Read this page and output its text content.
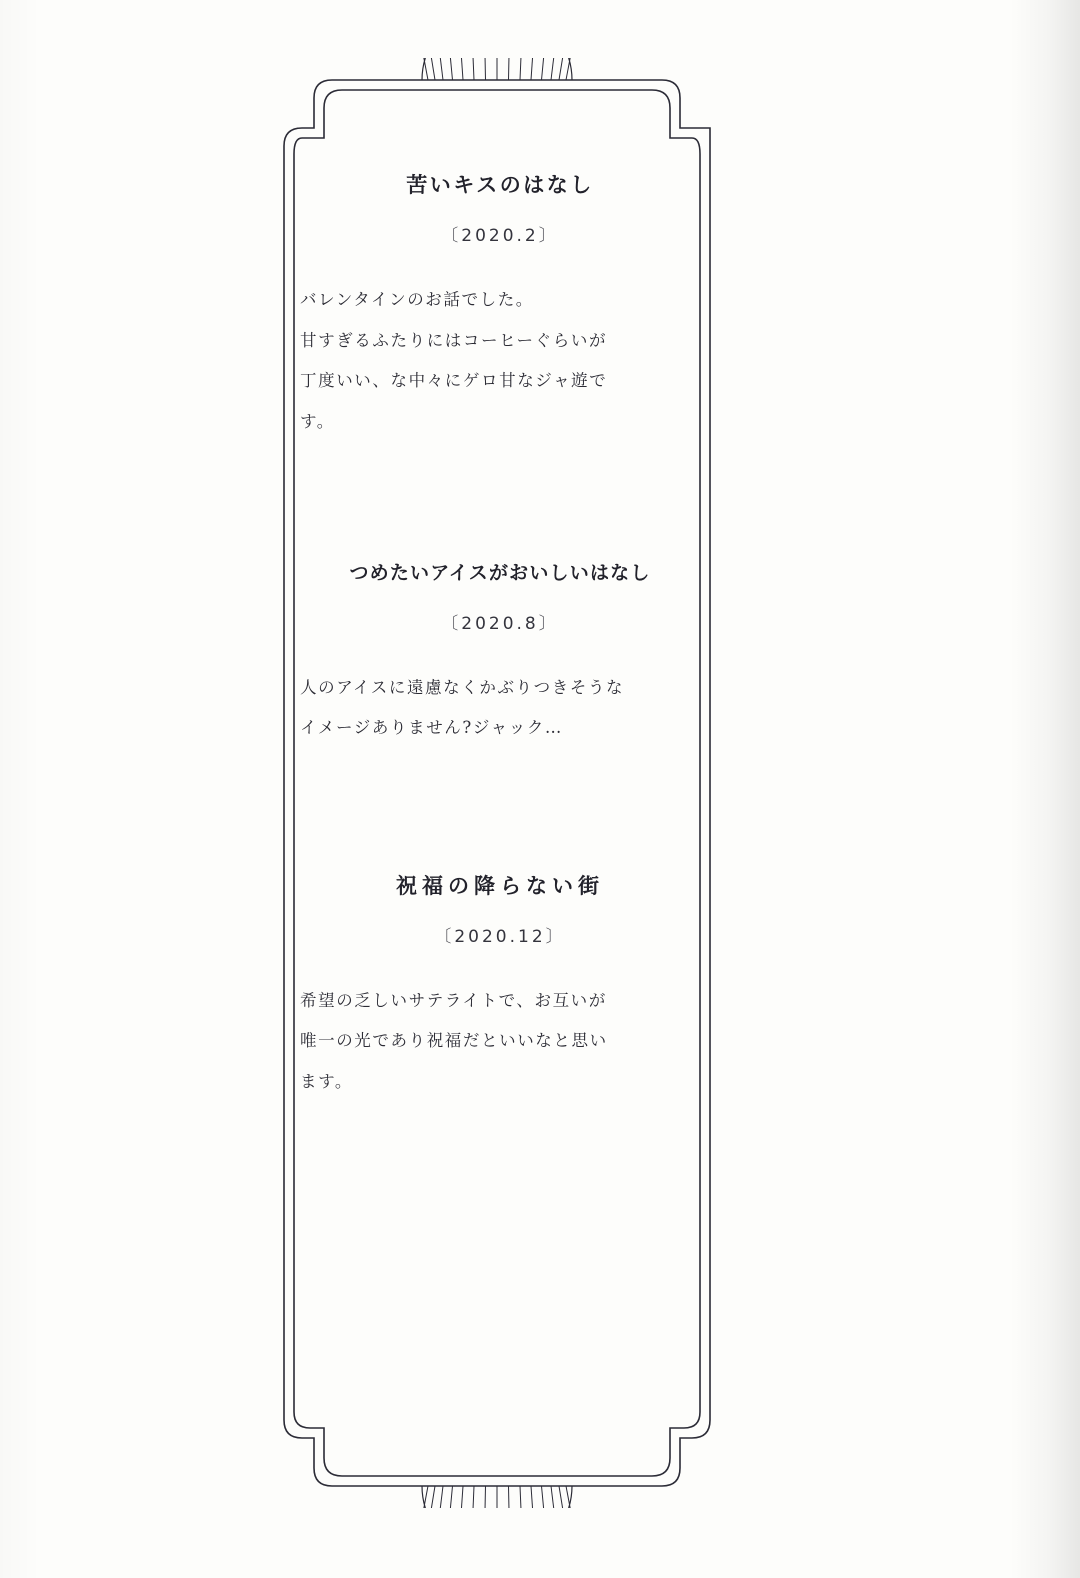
苦いキスのはなし
〔2020.2〕

バレンタインのお話でした。

甘すぎるふたりにはコーヒーぐらいが

丁度いい、な中々にゲロ甘なジャ遊で

す。

つめたいアイスがおいしいはなし
〔2020.8〕

人のアイスに遠慮なくかぶりつきそうな

イメージありません?ジャック…

祝福の降らない街
〔2020.12〕

希望の乏しいサテライトで、お互いが

唯一の光であり祝福だといいなと思い

ます。
